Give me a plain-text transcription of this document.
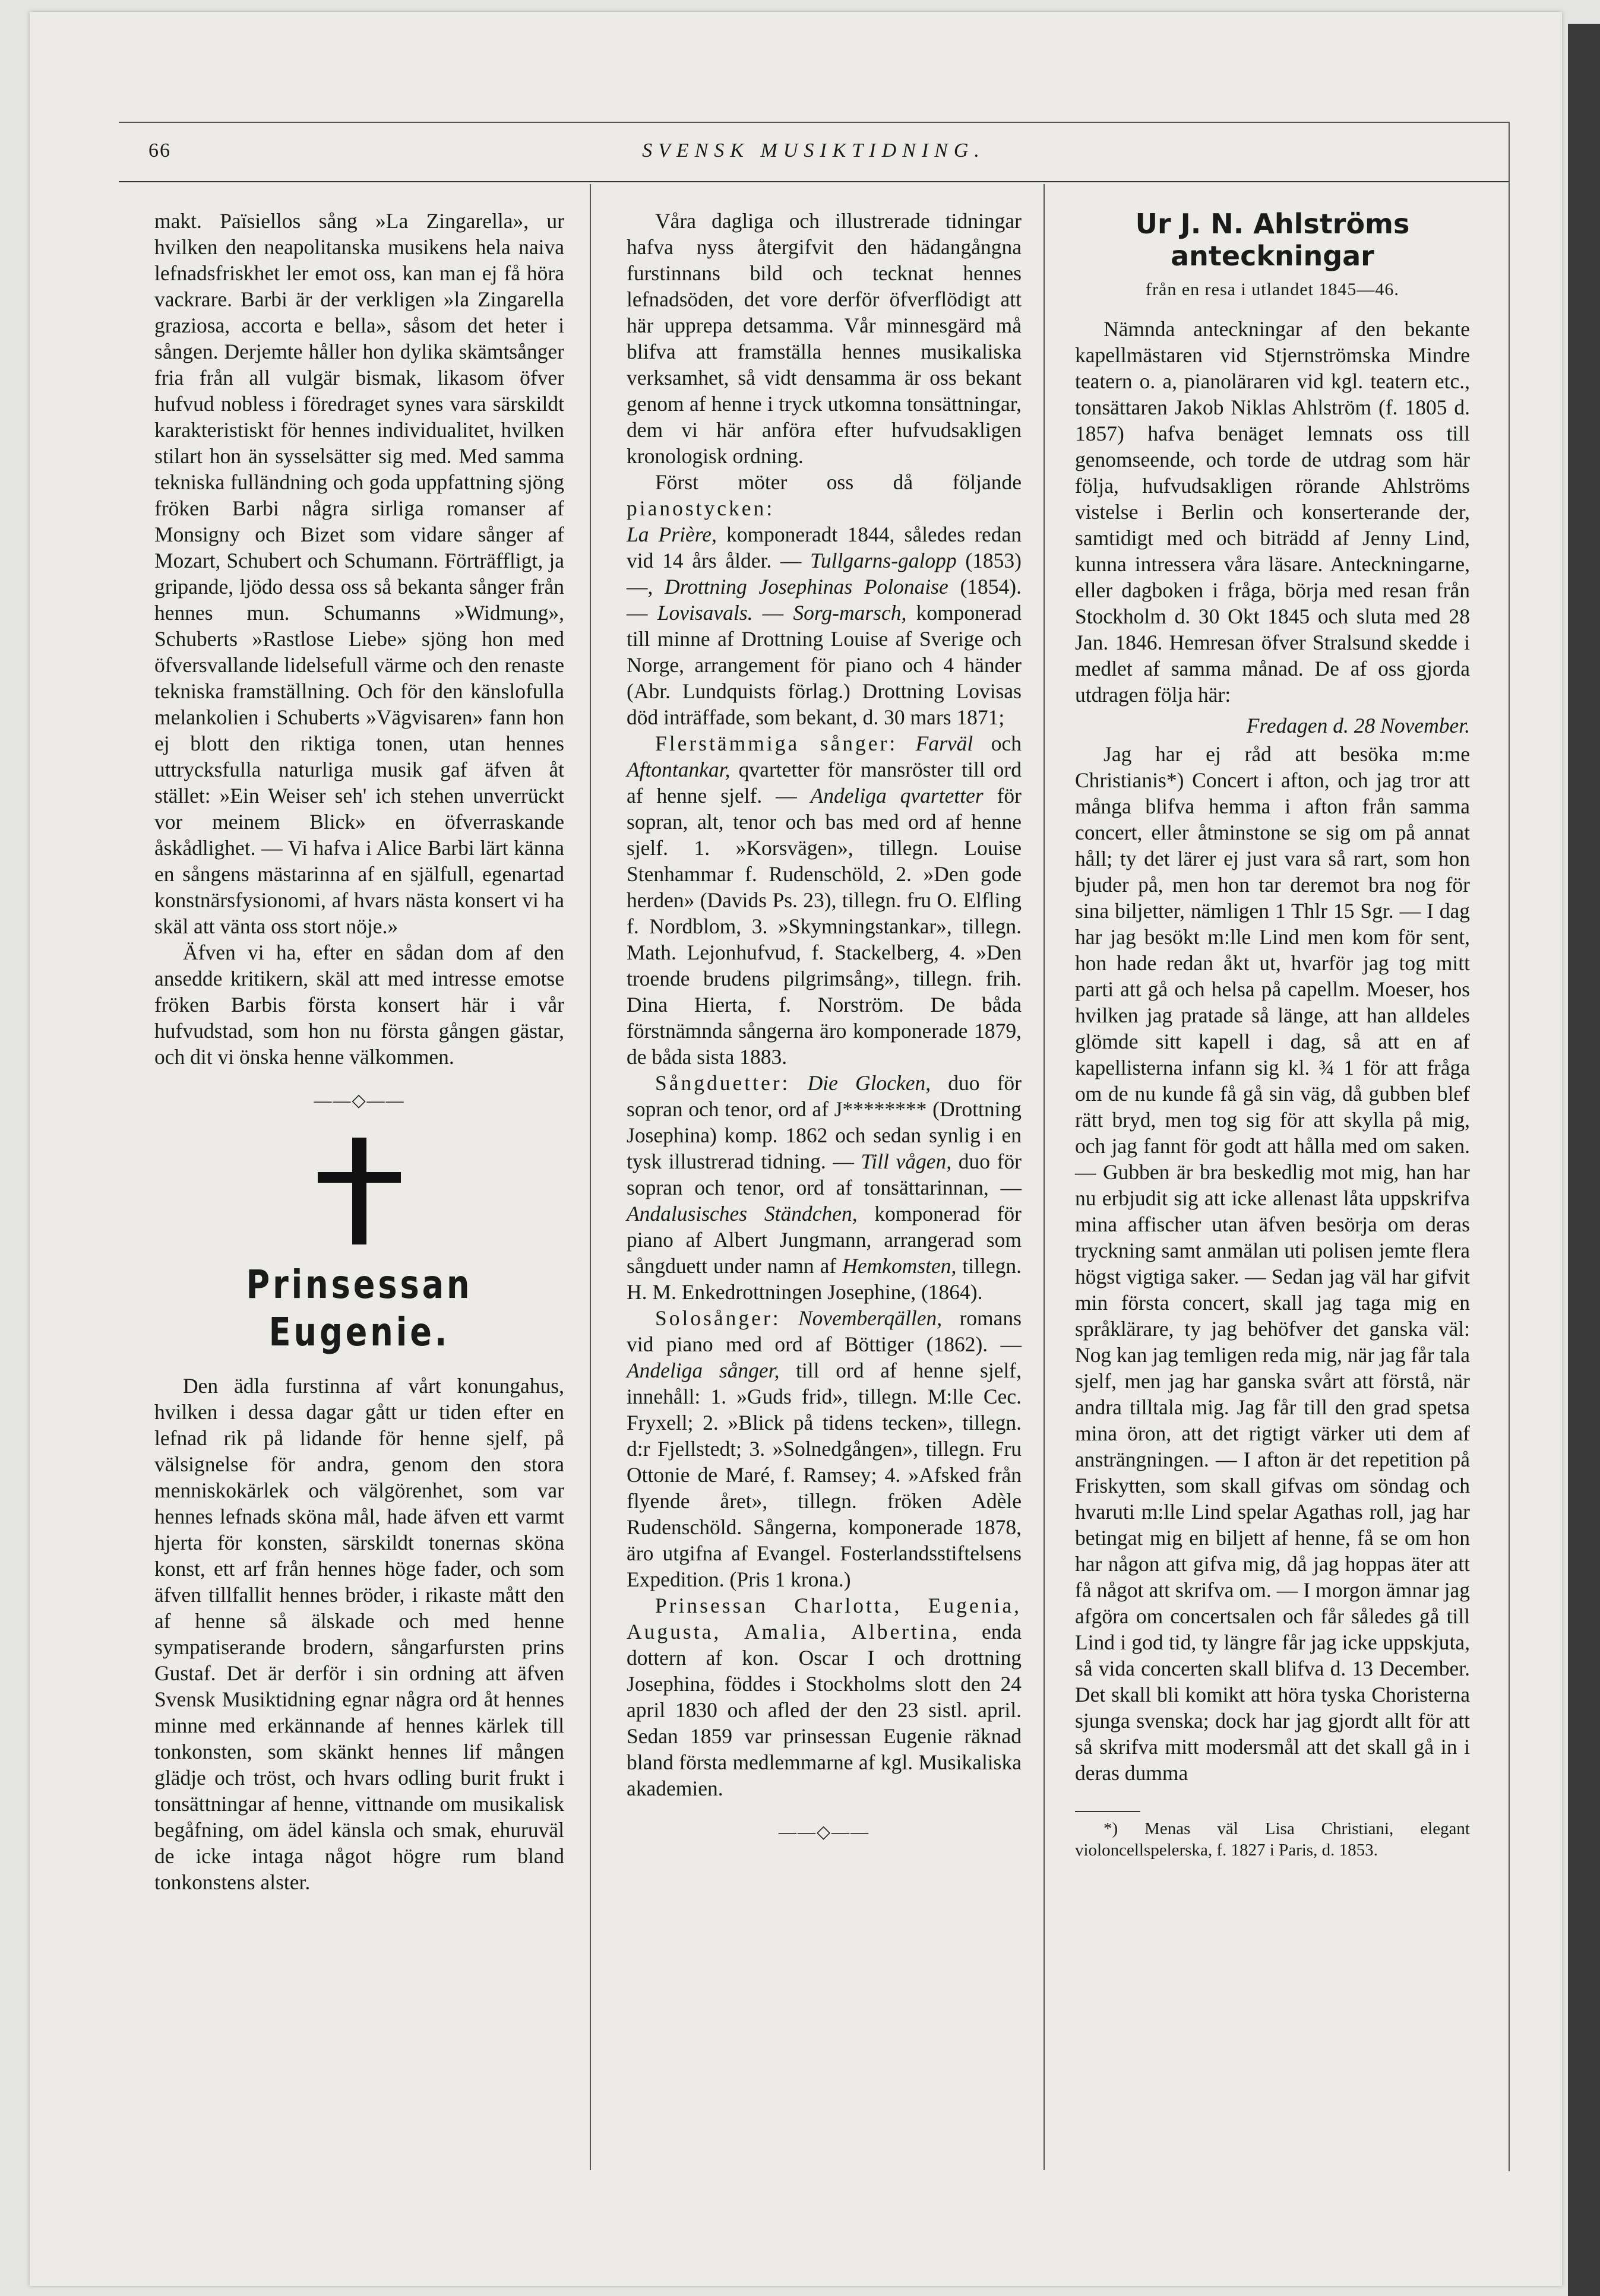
66	SVENSK MUSIKTIDNING.

makt. Païsiellos sång »La Zingarella», ur hvilken den neapolitanska musikens hela naiva lefnadsfriskhet ler emot oss, kan man ej få höra vackrare. Barbi är der verkligen »la Zingarella graziosa, accorta e bella», såsom det heter i sången. Derjemte håller hon dylika skämtsånger fria från all vulgär bismak, likasom öfver hufvud nobless i föredraget synes vara särskildt karakteristiskt för hennes individualitet, hvilken stilart hon än sysselsätter sig med. Med samma tekniska fulländning och goda uppfattning sjöng fröken Barbi några sirliga romanser af Monsigny och Bizet som vidare sånger af Mozart, Schubert och Schumann. Förträffligt, ja gripande, ljödo dessa oss så bekanta sånger från hennes mun. Schumanns »Widmung», Schuberts »Rastlose Liebe» sjöng hon med öfversvallande lidelsefull värme och den renaste tekniska framställning. Och för den känslofulla melankolien i Schuberts »Vägvisaren» fann hon ej blott den riktiga tonen, utan hennes uttrycksfulla naturliga musik gaf äfven åt stället: »Ein Weiser seh' ich stehen unverrückt vor meinem Blick» en öfverraskande åskådlighet. — Vi hafva i Alice Barbi lärt känna en sångens mästarinna af en själfull, egenartad konstnärsfysionomi, af hvars nästa konsert vi ha skäl att vänta oss stort nöje.»

Äfven vi ha, efter en sådan dom af den ansedde kritikern, skäl att med intresse emotse fröken Barbis första konsert här i vår hufvudstad, som hon nu första gången gästar, och dit vi önska henne välkommen.

——◇——
Prinsessan Eugenie.

Den ädla furstinna af vårt konungahus, hvilken i dessa dagar gått ur tiden efter en lefnad rik på lidande för henne sjelf, på välsignelse för andra, genom den stora menniskokärlek och välgörenhet, som var hennes lefnads sköna mål, hade äfven ett varmt hjerta för konsten, särskildt tonernas sköna konst, ett arf från hennes höge fader, och som äfven tillfallit hennes bröder, i rikaste mått den af henne så älskade och med henne sympatiserande brodern, sångarfursten prins Gustaf. Det är derför i sin ordning att äfven Svensk Musiktidning egnar några ord åt hennes minne med erkännande af hennes kärlek till tonkonsten, som skänkt hennes lif mången glädje och tröst, och hvars odling burit frukt i tonsättningar af henne, vittnande om musikalisk begåfning, om ädel känsla och smak, ehuruväl de icke intaga något högre rum bland tonkonstens alster.

Våra dagliga och illustrerade tidningar hafva nyss återgifvit den hädangångna furstinnans bild och tecknat hennes lefnadsöden, det vore derför öfverflödigt att här upprepa detsamma. Vår minnesgärd må blifva att framställa hennes musikaliska verksamhet, så vidt densamma är oss bekant genom af henne i tryck utkomna tonsättningar, dem vi här anföra efter hufvudsakligen kronologisk ordning.

Först möter oss då följande pianostycken:

La Prière, komponeradt 1844, således redan vid 14 års ålder. — Tullgarns-galopp (1853) —, Drottning Josephinas Polonaise (1854). — Lovisavals. — Sorg-marsch, komponerad till minne af Drottning Louise af Sverige och Norge, arrangement för piano och 4 händer (Abr. Lundquists förlag.) Drottning Lovisas död inträffade, som bekant, d. 30 mars 1871;

Flerstämmiga sånger: Farväl och Aftontankar, qvartetter för mansröster till ord af henne sjelf. — Andeliga qvartetter för sopran, alt, tenor och bas med ord af henne sjelf. 1. »Korsvägen», tillegn. Louise Stenhammar f. Rudenschöld, 2. »Den gode herden» (Davids Ps. 23), tillegn. fru O. Elfling f. Nordblom, 3. »Skymningstankar», tillegn. Math. Lejonhufvud, f. Stackelberg, 4. »Den troende brudens pilgrimsång», tillegn. frih. Dina Hierta, f. Norström. De båda förstnämnda sångerna äro komponerade 1879, de båda sista 1883.

Sångduetter: Die Glocken, duo för sopran och tenor, ord af J******** (Drottning Josephina) komp. 1862 och sedan synlig i en tysk illustrerad tidning. — Till vågen, duo för sopran och tenor, ord af tonsättarinnan, — Andalusisches Ständchen, komponerad för piano af Albert Jungmann, arrangerad som sångduett under namn af Hemkomsten, tillegn. H. M. Enkedrottningen Josephine, (1864).

Solosånger: Novemberqällen, romans vid piano med ord af Böttiger (1862). — Andeliga sånger, till ord af henne sjelf, innehåll: 1. »Guds frid», tillegn. M:lle Cec. Fryxell; 2. »Blick på tidens tecken», tillegn. d:r Fjellstedt; 3. »Solnedgången», tillegn. Fru Ottonie de Maré, f. Ramsey; 4. »Afsked från flyende året», tillegn. fröken Adèle Rudenschöld. Sångerna, komponerade 1878, äro utgifna af Evangel. Fosterlandsstiftelsens Expedition. (Pris 1 krona.)

Prinsessan Charlotta, Eugenia, Augusta, Amalia, Albertina, enda dottern af kon. Oscar I och drottning Josephina, föddes i Stockholms slott den 24 april 1830 och afled der den 23 sistl. april. Sedan 1859 var prinsessan Eugenie räknad bland första medlemmarne af kgl. Musikaliska akademien.

——◇——
Ur J. N. Ahlströms anteckningar
från en resa i utlandet 1845—46.

Nämnda anteckningar af den bekante kapellmästaren vid Stjernströmska Mindre teatern o. a, pianoläraren vid kgl. teatern etc., tonsättaren Jakob Niklas Ahlström (f. 1805 d. 1857) hafva benäget lemnats oss till genomseende, och torde de utdrag som här följa, hufvudsakligen rörande Ahlströms vistelse i Berlin och konserterande der, samtidigt med och biträdd af Jenny Lind, kunna intressera våra läsare. Anteckningarne, eller dagboken i fråga, börja med resan från Stockholm d. 30 Okt 1845 och sluta med 28 Jan. 1846. Hemresan öfver Stralsund skedde i medlet af samma månad. De af oss gjorda utdragen följa här:

Fredagen d. 28 November.

Jag har ej råd att besöka m:me Christianis*) Concert i afton, och jag tror att många blifva hemma i afton från samma concert, eller åtminstone se sig om på annat håll; ty det lärer ej just vara så rart, som hon bjuder på, men hon tar deremot bra nog för sina biljetter, nämligen 1 Thlr 15 Sgr. — I dag har jag besökt m:lle Lind men kom för sent, hon hade redan åkt ut, hvarför jag tog mitt parti att gå och helsa på capellm. Moeser, hos hvilken jag pratade så länge, att han alldeles glömde sitt kapell i dag, så att en af kapellisterna infann sig kl. ¾ 1 för att fråga om de nu kunde få gå sin väg, då gubben blef rätt bryd, men tog sig för att skylla på mig, och jag fannt för godt att hålla med om saken. — Gubben är bra beskedlig mot mig, han har nu erbjudit sig att icke allenast låta uppskrifva mina affischer utan äfven besörja om deras tryckning samt anmälan uti polisen jemte flera högst vigtiga saker. — Sedan jag väl har gifvit min första concert, skall jag taga mig en språklärare, ty jag behöfver det ganska väl: Nog kan jag temligen reda mig, när jag får tala sjelf, men jag har ganska svårt att förstå, när andra tilltala mig. Jag får till den grad spetsa mina öron, att det rigtigt värker uti dem af ansträngningen. — I afton är det repetition på Friskytten, som skall gifvas om söndag och hvaruti m:lle Lind spelar Agathas roll, jag har betingat mig en biljett af henne, få se om hon har någon att gifva mig, då jag hoppas äter att få något att skrifva om. — I morgon ämnar jag afgöra om concertsalen och får således gå till Lind i god tid, ty längre får jag icke uppskjuta, så vida concerten skall blifva d. 13 December. Det skall bli komikt att höra tyska Choristerna sjunga svenska; dock har jag gjordt allt för att så skrifva mitt modersmål att det skall gå in i deras dumma

*) Menas väl Lisa Christiani, elegant violoncellspelerska, f. 1827 i Paris, d. 1853.
